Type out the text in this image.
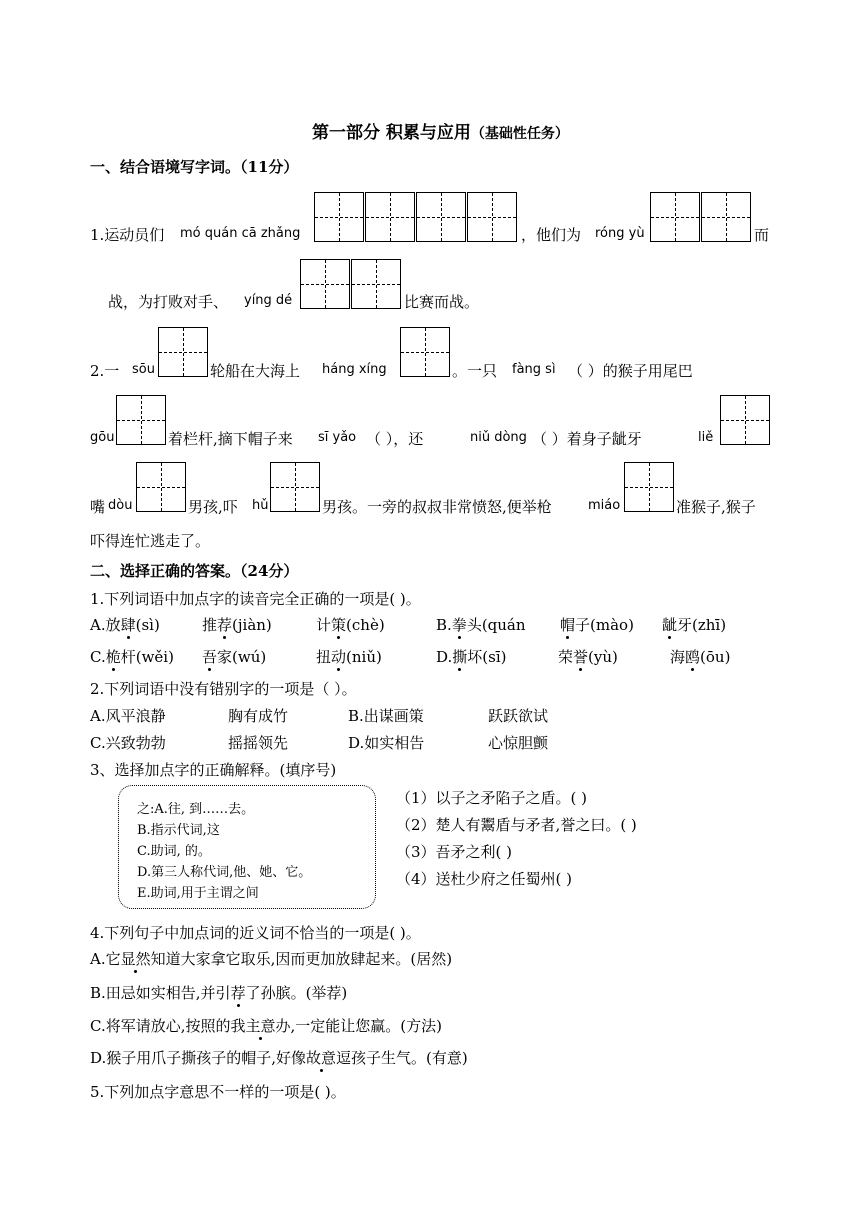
第一部分 积累与应用（基础性任务）
一、结合语境写字词。（11分）
1.运动员们 mó quán cā zhǎng	，他们为 róng yù	而
战，为打败对手、 yíng dé	比赛而战。
2.一 sōu	轮船在大海上 háng xíng	。一只 fàng sì （ ）的猴子用尾巴
gōu	着栏杆,摘下帽子来 sī yǎo （ ），还	niǔ dòng （ ）着身子龇牙	liě
嘴 dòu	男孩,吓 hǔ	男孩。一旁的叔叔非常愤怒,便举枪	miáo	准猴子,猴子
吓得连忙逃走了。
二、选择正确的答案。（24分）
1.下列词语中加点字的读音完全正确的一项是( )。
A.放肆(sì)	推荐(jiàn)	计策(chè)	B.拳头(quán 帽子(mào) 龇牙(zhī)
C.桅杆(wěi) 吾家(wú)	扭动(niǔ)	D.撕坏(sī)	荣誉(yù)	海鸥(ōu)
2.下列词语中没有错别字的一项是（ ）。
A.风平浪静	胸有成竹	B.出谋画策	跃跃欲试
C.兴致勃勃	摇摇领先	D.如实相告	心惊胆颤
3、选择加点字的正确解释。(填序号)
之:A.往, 到……去。
B.指示代词,这
C.助词, 的。
D.第三人称代词,他、她、它。
E.助词,用于主谓之间
（1）以子之矛陷子之盾。( )
（2）楚人有鬻盾与矛者,誉之曰。( )
（3）吾矛之利( )
（4）送杜少府之任蜀州( )
4.下列句子中加点词的近义词不恰当的一项是( )。
A.它显然知道大家拿它取乐,因而更加放肆起来。(居然)
B.田忌如实相告,并引荐了孙膑。(举荐)
C.将军请放心,按照的我主意办,一定能让您赢。(方法)
D.猴子用爪子撕孩子的帽子,好像故意逗孩子生气。(有意)
5.下列加点字意思不一样的一项是( )。
